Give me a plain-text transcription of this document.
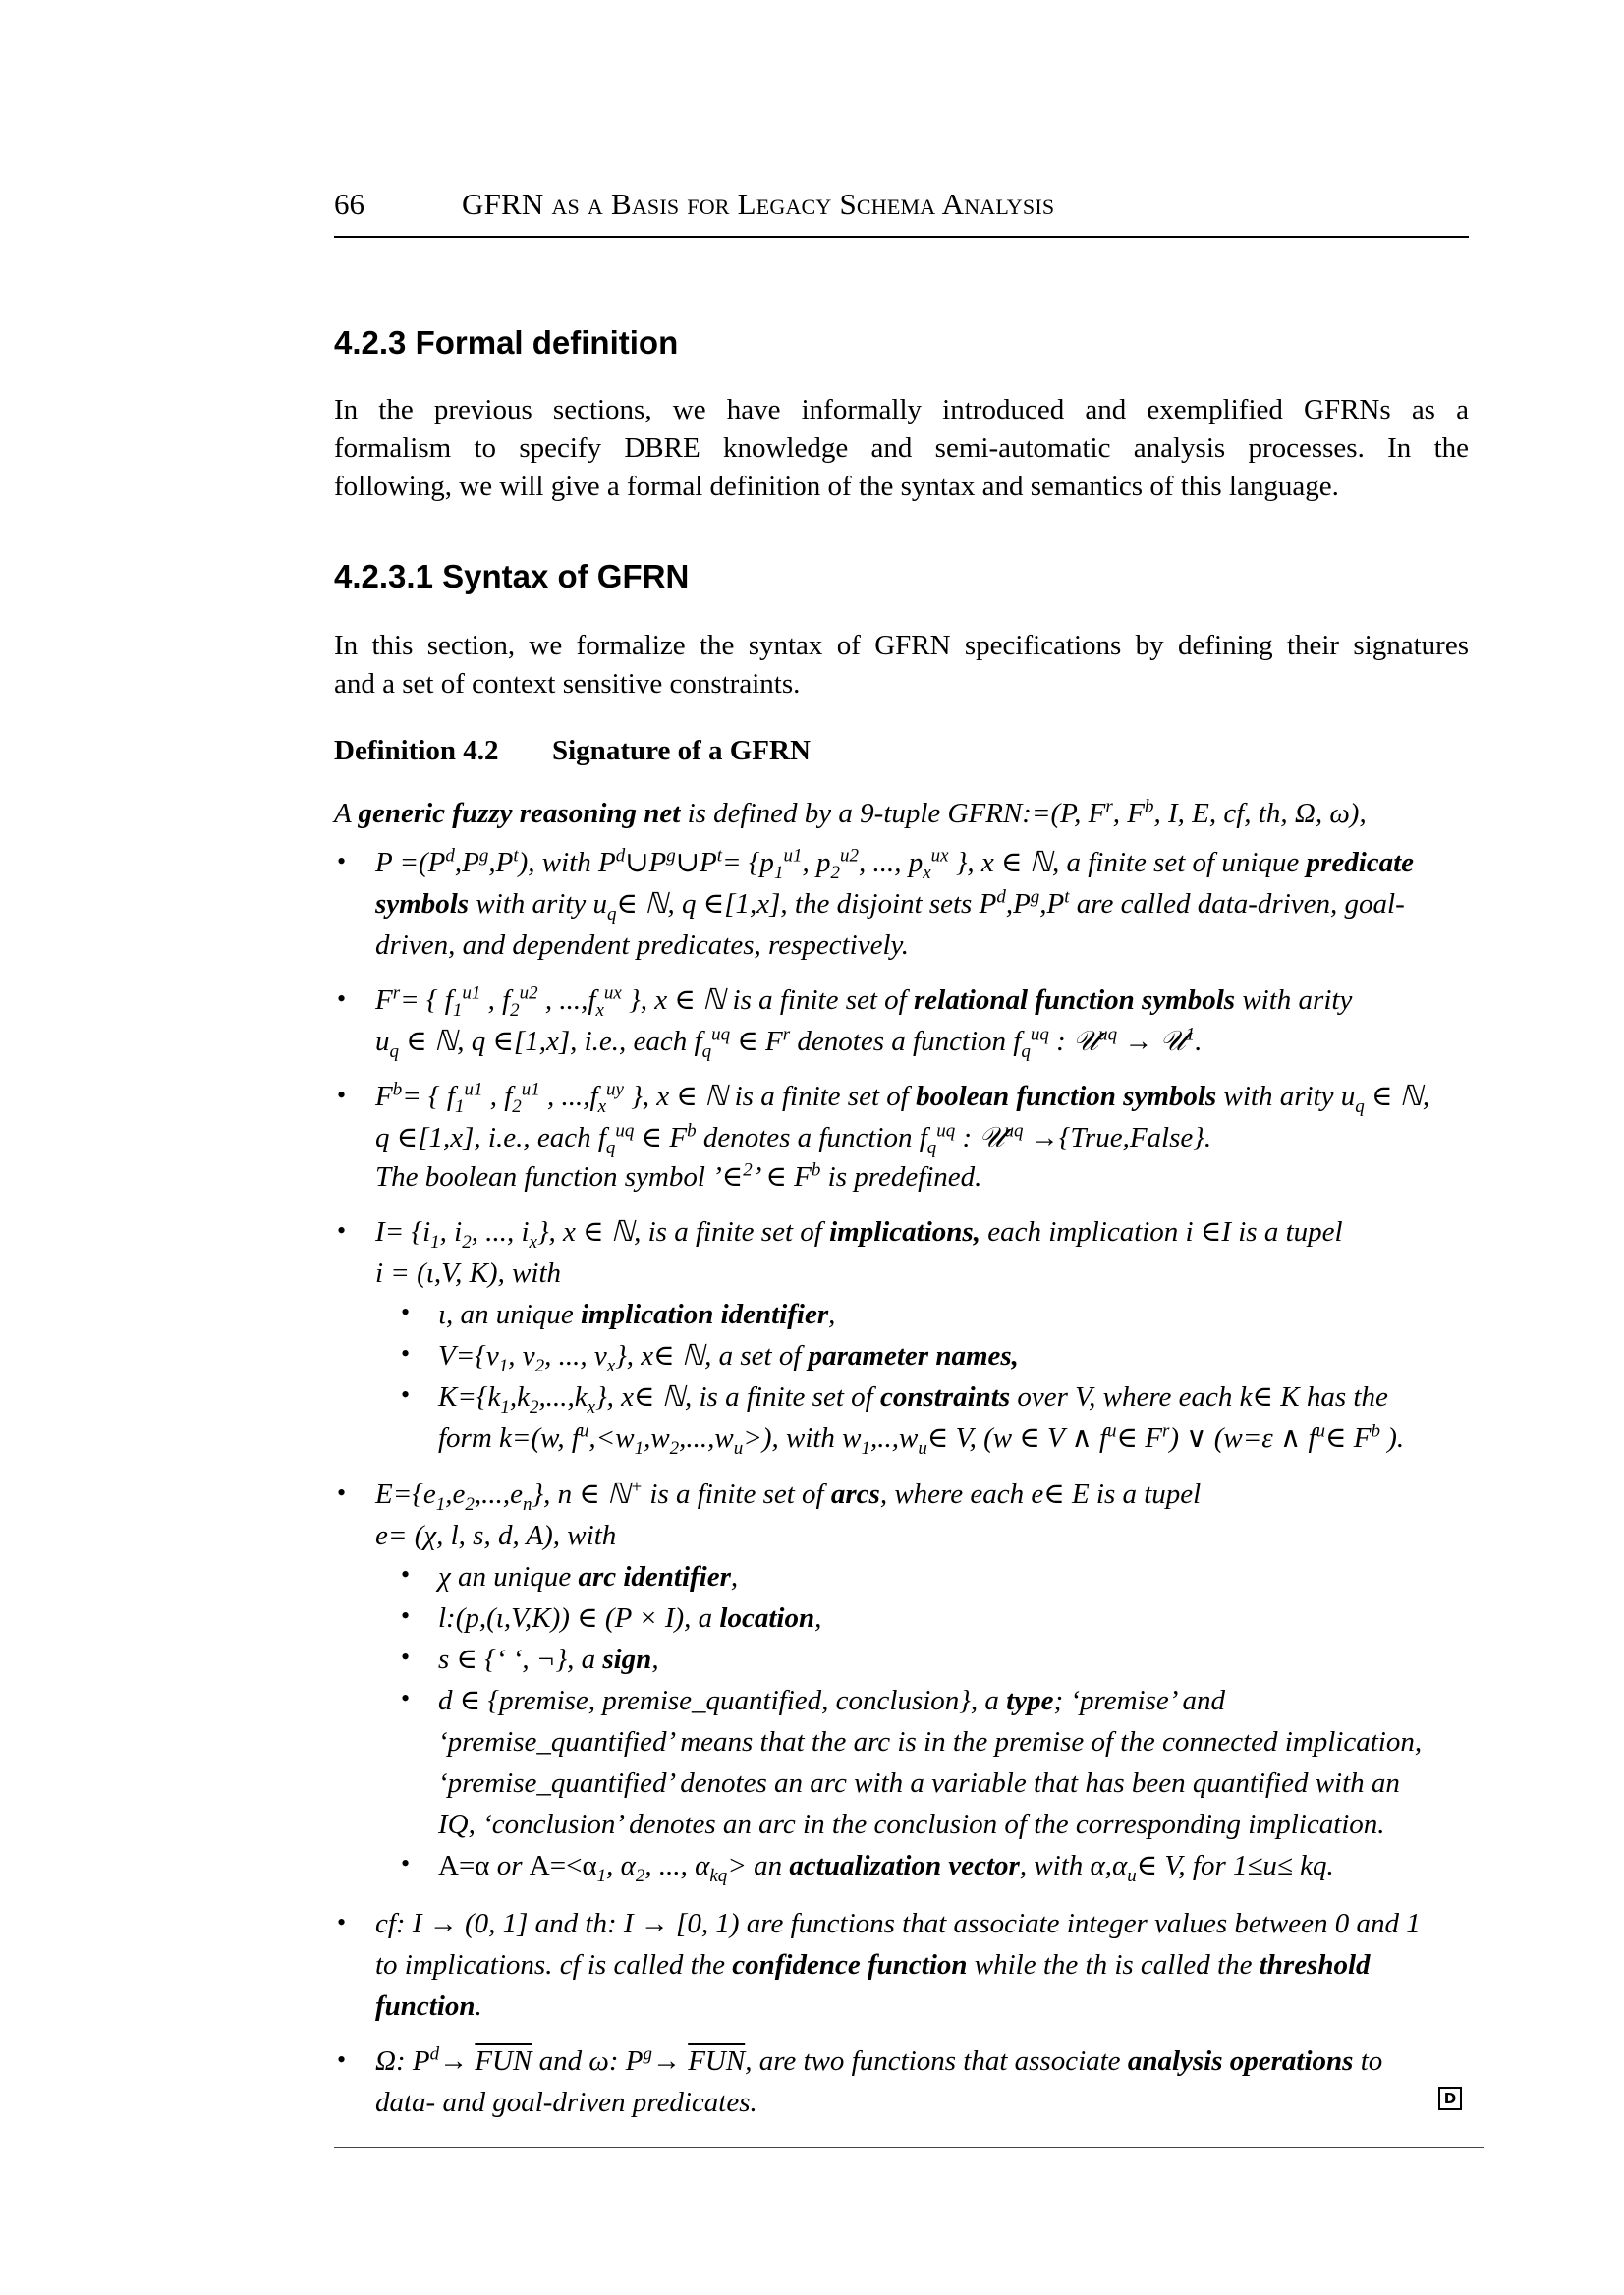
66	GFRN as a Basis for Legacy Schema Analysis
4.2.3 Formal definition
In the previous sections, we have informally introduced and exemplified GFRNs as a
formalism to specify DBRE knowledge and semi-automatic analysis processes. In the
following, we will give a formal definition of the syntax and semantics of this language.
4.2.3.1 Syntax of GFRN
In this section, we formalize the syntax of GFRN specifications by defining their signatures
and a set of context sensitive constraints.
Definition 4.2 Signature of a GFRN
A generic fuzzy reasoning net is defined by a 9-tuple GFRN:=(P, $F^r$, $F^b$, I, E, cf, th, Ω, ω),
• $P =(P^d,P^g,P^t)$, with $P^d\cup P^g\cup P^t= \{p_1^{u1}$, $p_2^{u2}$, ..., $p_x^{ux}$ }, x ∈ ℕ, a finite set of unique predicate
symbols with arity $u_q\in$ ℕ, q ∈[1,x], the disjoint sets $P^d,P^g,P^t$ are called data-driven, goal-
driven, and dependent predicates, respectively.
• $F^r=$ { $f_1^{u1}$ , $f_2^{u2}$ , $...,f_x^{ux}$ }, x ∈ ℕ is a finite set of relational function symbols with arity
$u_q$ ∈ ℕ, q ∈[1,x], i.e., each $f_q^{uq}$ ∈ $F^r$ denotes a function $f_q^{uq}$ : 𝒰$^{uq}$ → 𝒰$^1$.
• $F^b=$ { $f_1^{u1}$ , $f_2^{u1}$ , $...,f_x^{uy}$ }, x ∈ ℕ is a finite set of boolean function symbols with arity $u_q$ ∈ ℕ,
q ∈[1,x], i.e., each $f_q^{uq}$ ∈ $F^b$ denotes a function $f_q^{uq}$ : 𝒰$^{uq}$ →{True,False}.
The boolean function symbol ’∈$^2$’ ∈ $F^b$ is predefined.
• $I= \{i_1$, $i_2$, ..., $i_x$}, x ∈ ℕ, is a finite set of implications, each implication i ∈I is a tupel
i = (ι,V, K), with
• ι, an unique implication identifier,
• $V=\{v_1$, $v_2$, ..., $v_x$}, x∈ ℕ, a set of parameter names,
• $K=\{k_1,k_2,...,k_x\}$, x∈ ℕ, is a finite set of constraints over V, where each k∈ K has the
form k=(w, $f^u,<w_1,w_2,...,w_u>$), with $w_1,..,w_u\in$ V, (w ∈ V ∧ $f^u\in$ $F^r$) ∨ (w=ε ∧ $f^u\in$ $F^b$ ).
• $E=\{e_1,e_2,...,e_n\}$, n ∈ ℕ+ is a finite set of arcs, where each e∈ E is a tupel
e= (χ, l, s, d, A), with
• χ an unique arc identifier,
• l:(p,(ι,V,K)) ∈ (P × I), a location,
• s ∈ {‘ ‘, ¬}, a sign,
• d ∈ {premise, premise_quantified, conclusion}, a type; ‘premise’ and
‘premise_quantified’ means that the arc is in the premise of the connected implication,
‘premise_quantified’ denotes an arc with a variable that has been quantified with an
IQ, ‘conclusion’ denotes an arc in the conclusion of the corresponding implication.
• A=α or $A=<\alpha_1$, $\alpha_2$, ..., $\alpha_{kq}>$ an actualization vector, with $\alpha,\alpha_u\in$ V, for 1≤u≤ kq.
• cf: I → (0, 1] and th: I → [0, 1) are functions that associate integer values between 0 and 1
to implications. cf is called the confidence function while the th is called the threshold
function.
• Ω: $P^d\to \overline{FUN}$ and ω: $P^g\to \overline{FUN}$, are two functions that associate analysis operations to
data- and goal-driven predicates.	D
